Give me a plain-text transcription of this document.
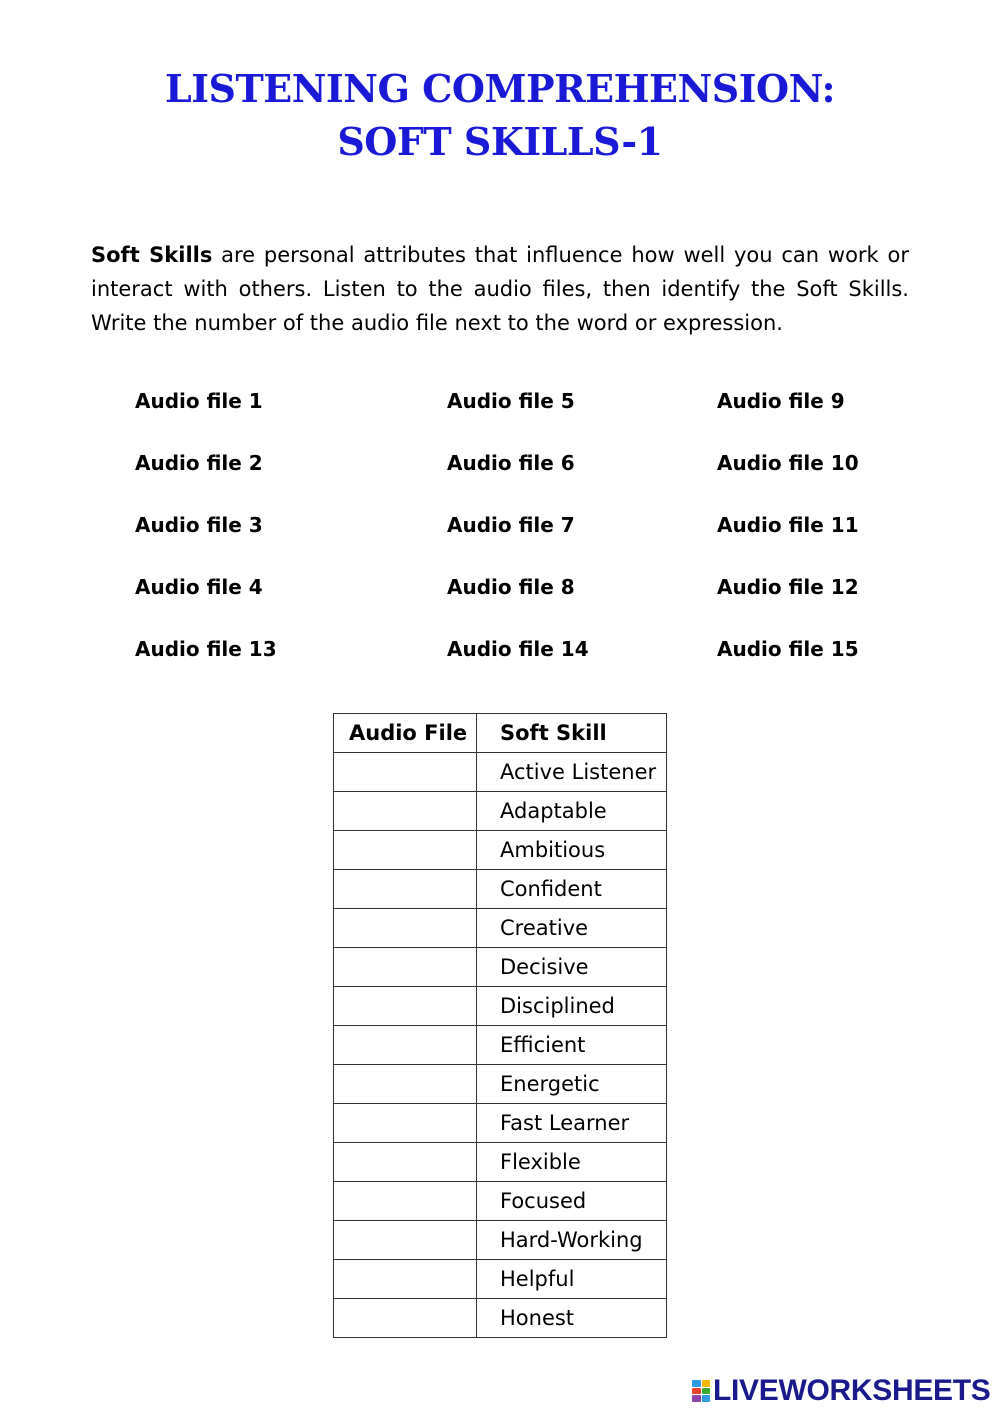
LISTENING COMPREHENSION:
SOFT SKILLS-1
Soft Skills are personal attributes that influence how well you can work or interact with others. Listen to the audio files, then identify the Soft Skills. Write the number of the audio file next to the word or expression.
Audio file 1	Audio file 5	Audio file 9
Audio file 2	Audio file 6	Audio file 10
Audio file 3	Audio file 7	Audio file 11
Audio file 4	Audio file 8	Audio file 12
Audio file 13	Audio file 14	Audio file 15
Audio File	Soft Skill
	Active Listener
	Adaptable
	Ambitious
	Confident
	Creative
	Decisive
	Disciplined
	Efficient
	Energetic
	Fast Learner
	Flexible
	Focused
	Hard-Working
	Helpful
	Honest
LIVEWORKSHEETS
